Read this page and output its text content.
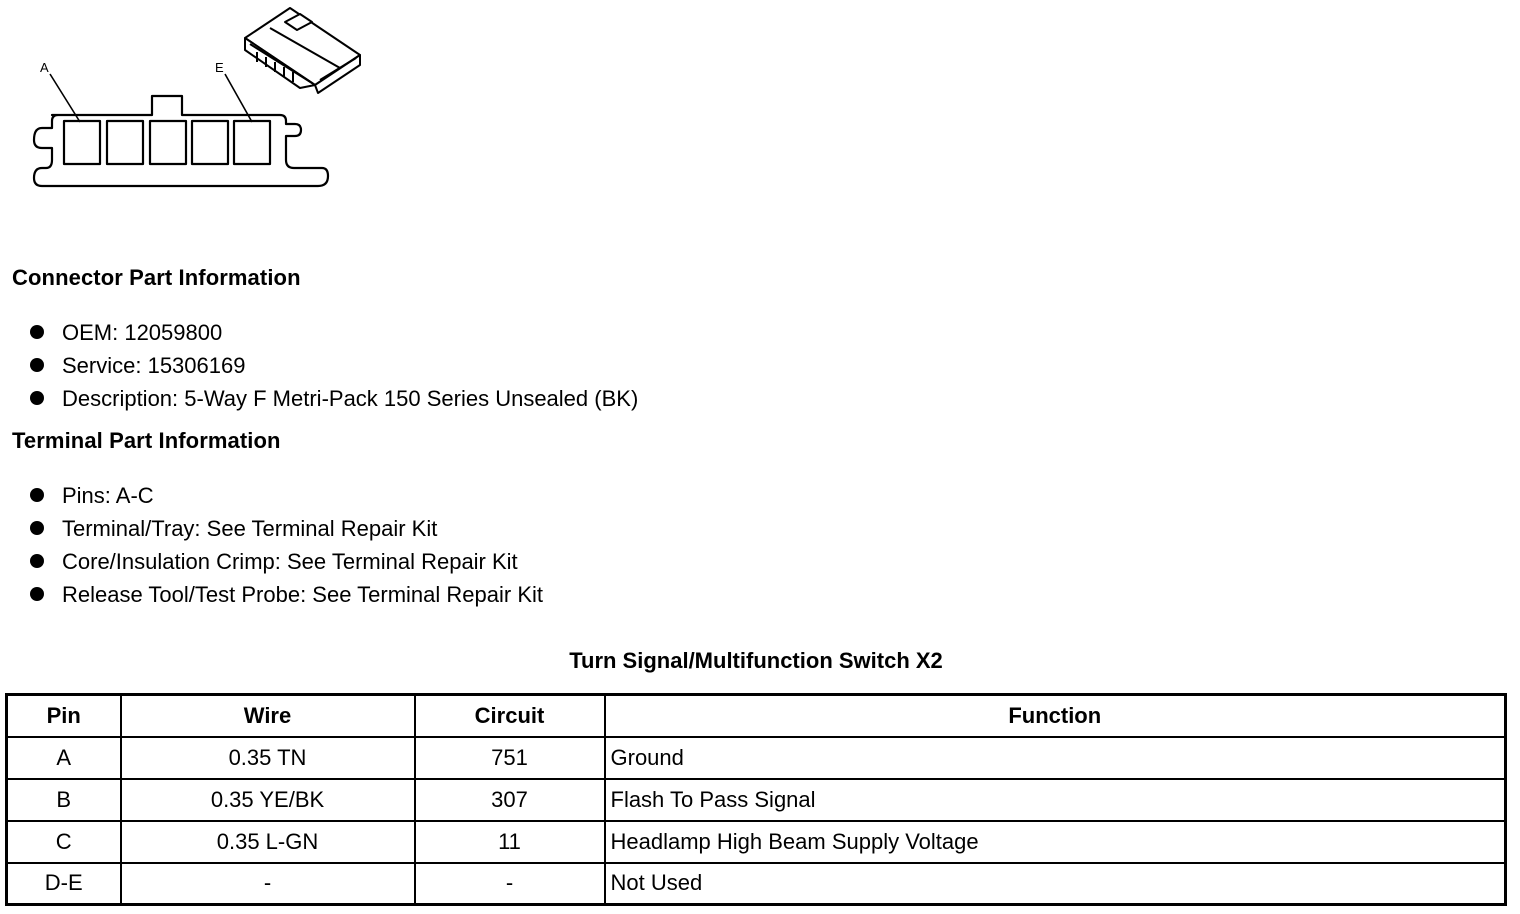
A	E
Connector Part Information
OEM: 12059800
Service: 15306169
Description: 5-Way F Metri-Pack 150 Series Unsealed (BK)
Terminal Part Information
Pins: A-C
Terminal/Tray: See Terminal Repair Kit
Core/Insulation Crimp: See Terminal Repair Kit
Release Tool/Test Probe: See Terminal Repair Kit
Turn Signal/Multifunction Switch X2
Pin	Wire	Circuit	Function
A	0.35 TN	751	Ground
B	0.35 YE/BK	307	Flash To Pass Signal
C	0.35 L-GN	11	Headlamp High Beam Supply Voltage
D-E	-	-	Not Used
